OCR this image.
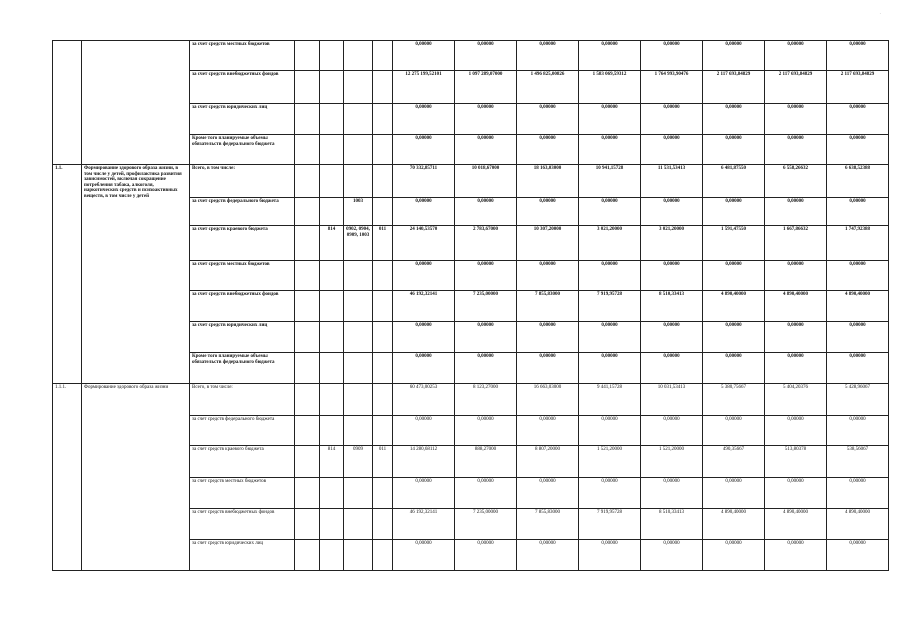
·
		за счет средств местных бюджетов					0,00000	0,00000	0,00000	0,00000	0,00000	0,00000	0,00000	0,00000
		за счет средств внебюджетных фондов					12 275 199,52101	1 097 289,07000	1 496 825,00826	1 583 069,59312	1 764 993,90476	2 117 693,84829	2 117 693,84829	2 117 693,84829
		за счет средств юридических лиц					0,00000	0,00000	0,00000	0,00000	0,00000	0,00000	0,00000	0,00000
		Кроме того планируемые объемы обязательств федерального бюджета					0,00000	0,00000	0,00000	0,00000	0,00000	0,00000	0,00000	0,00000
1.1.	Формирование здорового образа жизни, в том числе у детей, профилактика развития зависимостей, включая сокращение потребления табака, алкоголя, наркотических средств и психоактивных веществ, в том числе у детей	Всего, в том числе:					70 332,85711	10 018,67000	18 163,03000	10 941,15728	11 531,53413	6 481,87550	6 558,26632	6 638,52388
		за счет средств федерального бюджета			1003		0,00000	0,00000	0,00000	0,00000	0,00000	0,00000	0,00000	0,00000
		за счет средств краевого бюджета		814	0902, 0904, 0909, 1003	011	24 140,53570	2 783,67000	10 307,20000	3 021,20000	3 021,20000	1 591,47550	1 667,86632	1 747,92388
		за счет средств местных бюджетов					0,00000	0,00000	0,00000	0,00000	0,00000	0,00000	0,00000	0,00000
		за счет средств внебюджетных фондов					46 192,32141	7 235,00000	7 855,83000	7 919,95728	8 510,33413	4 890,40000	4 890,40000	4 890,40000
		за счет средств юридических лиц					0,00000	0,00000	0,00000	0,00000	0,00000	0,00000	0,00000	0,00000
		Кроме того планируемые объемы обязательств федерального бюджета					0,00000	0,00000	0,00000	0,00000	0,00000	0,00000	0,00000	0,00000
1.1.1.	Формирование здорового образа жизни	Всего, в том числе:					60 473,00253	8 123,27000	16 663,03000	9 441,15728	10 031,53413	5 380,75667	5 404,20376	5 428,96067
		за счет средств федерального бюджета					0,00000	0,00000	0,00000	0,00000	0,00000	0,00000	0,00000	0,00000
		за счет средств краевого бюджета		814	0909	011	14 280,68112	888,27000	8 807,20000	1 521,20000	1 521,20000	490,35667	513,80378	538,56067
		за счет средств местных бюджетов					0,00000	0,00000	0,00000	0,00000	0,00000	0,00000	0,00000	0,00000
		за счет средств внебюджетных фондов					46 192,32141	7 235,00000	7 855,83000	7 919,95728	8 510,33413	4 890,40000	4 890,40000	4 890,40000
		за счет средств юридических лиц					0,00000	0,00000	0,00000	0,00000	0,00000	0,00000	0,00000	0,00000
